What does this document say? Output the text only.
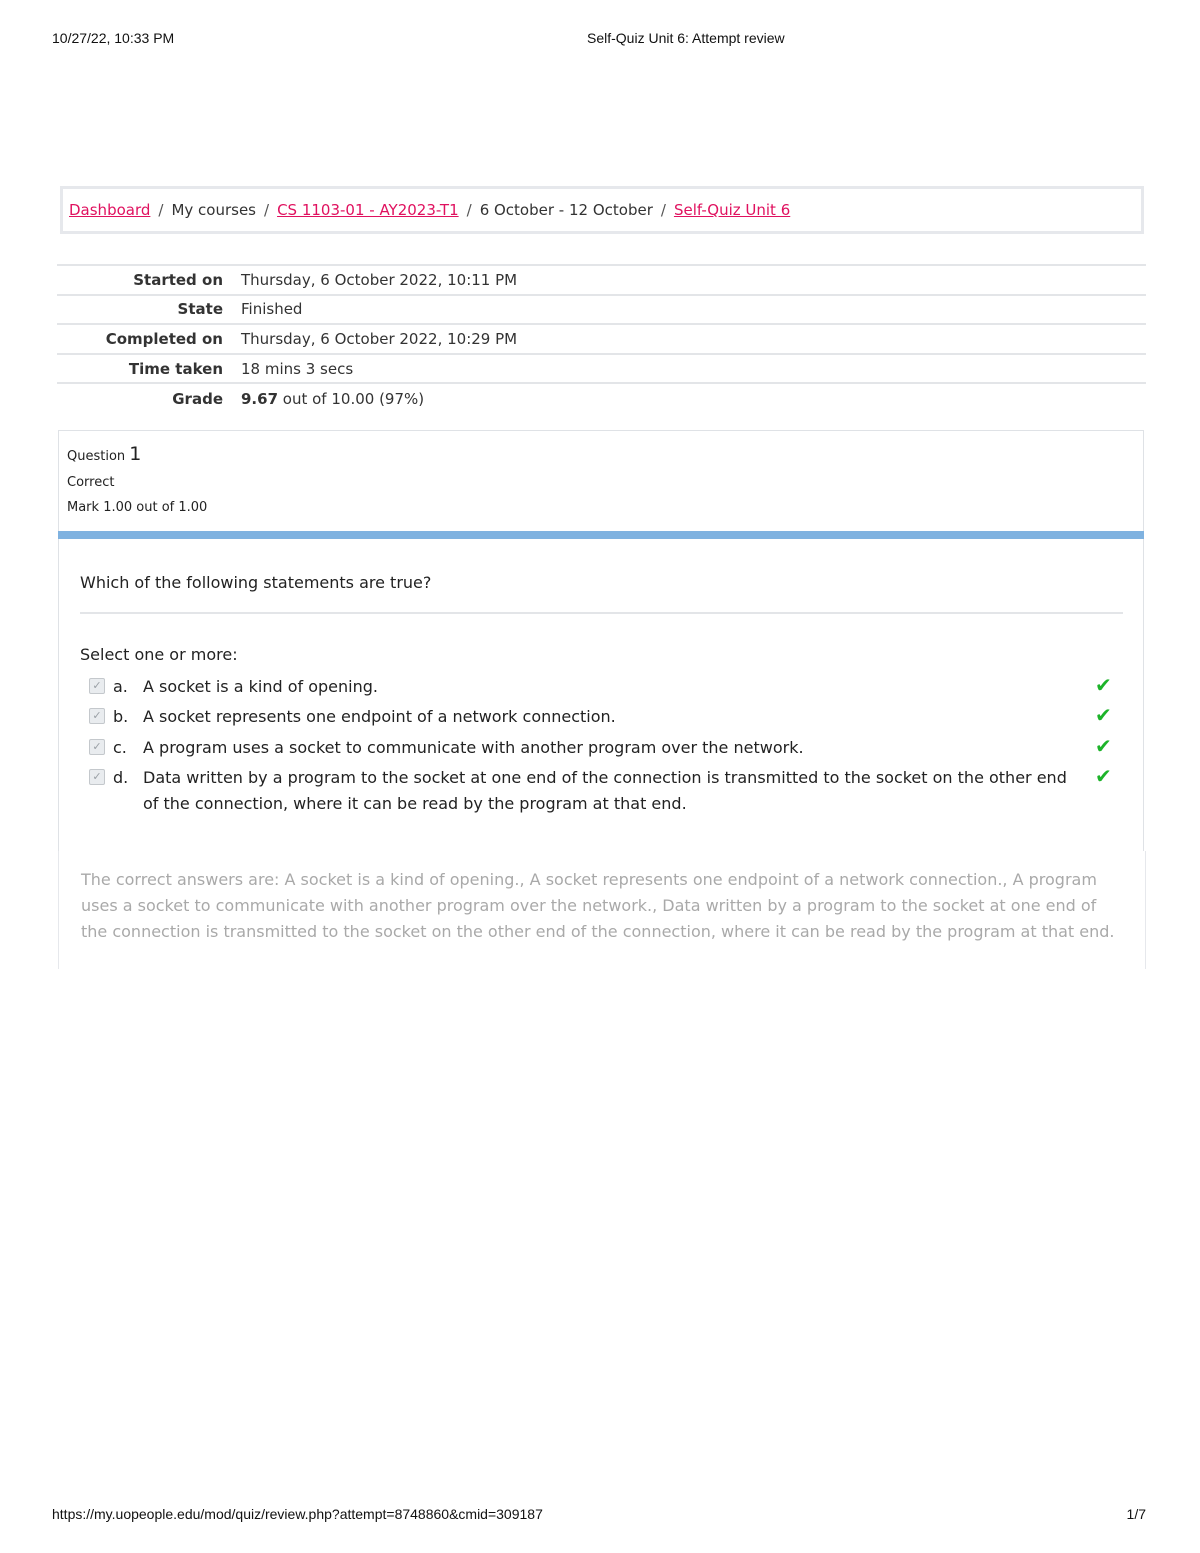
10/27/22, 10:33 PM	Self-Quiz Unit 6: Attempt review
Dashboard / My courses / CS 1103-01 - AY2023-T1 / 6 October - 12 October / Self-Quiz Unit 6
Started on	Thursday, 6 October 2022, 10:11 PM
State	Finished
Completed on	Thursday, 6 October 2022, 10:29 PM
Time taken	18 mins 3 secs
Grade	9.67 out of 10.00 (97%)
Question 1
Correct
Mark 1.00 out of 1.00
Which of the following statements are true?
Select one or more:
✓ a. A socket is a kind of opening.	✔
✓ b. A socket represents one endpoint of a network connection.	✔
✓ c. A program uses a socket to communicate with another program over the network.	✔
✓ d. Data written by a program to the socket at one end of the connection is transmitted to the socket on the other end of the connection, where it can be read by the program at that end.
✔
The correct answers are: A socket is a kind of opening., A socket represents one endpoint of a network connection., A program uses a socket to communicate with another program over the network., Data written by a program to the socket at one end of the connection is transmitted to the socket on the other end of the connection, where it can be read by the program at that end.
https://my.uopeople.edu/mod/quiz/review.php?attempt=8748860&cmid=309187	1/7
